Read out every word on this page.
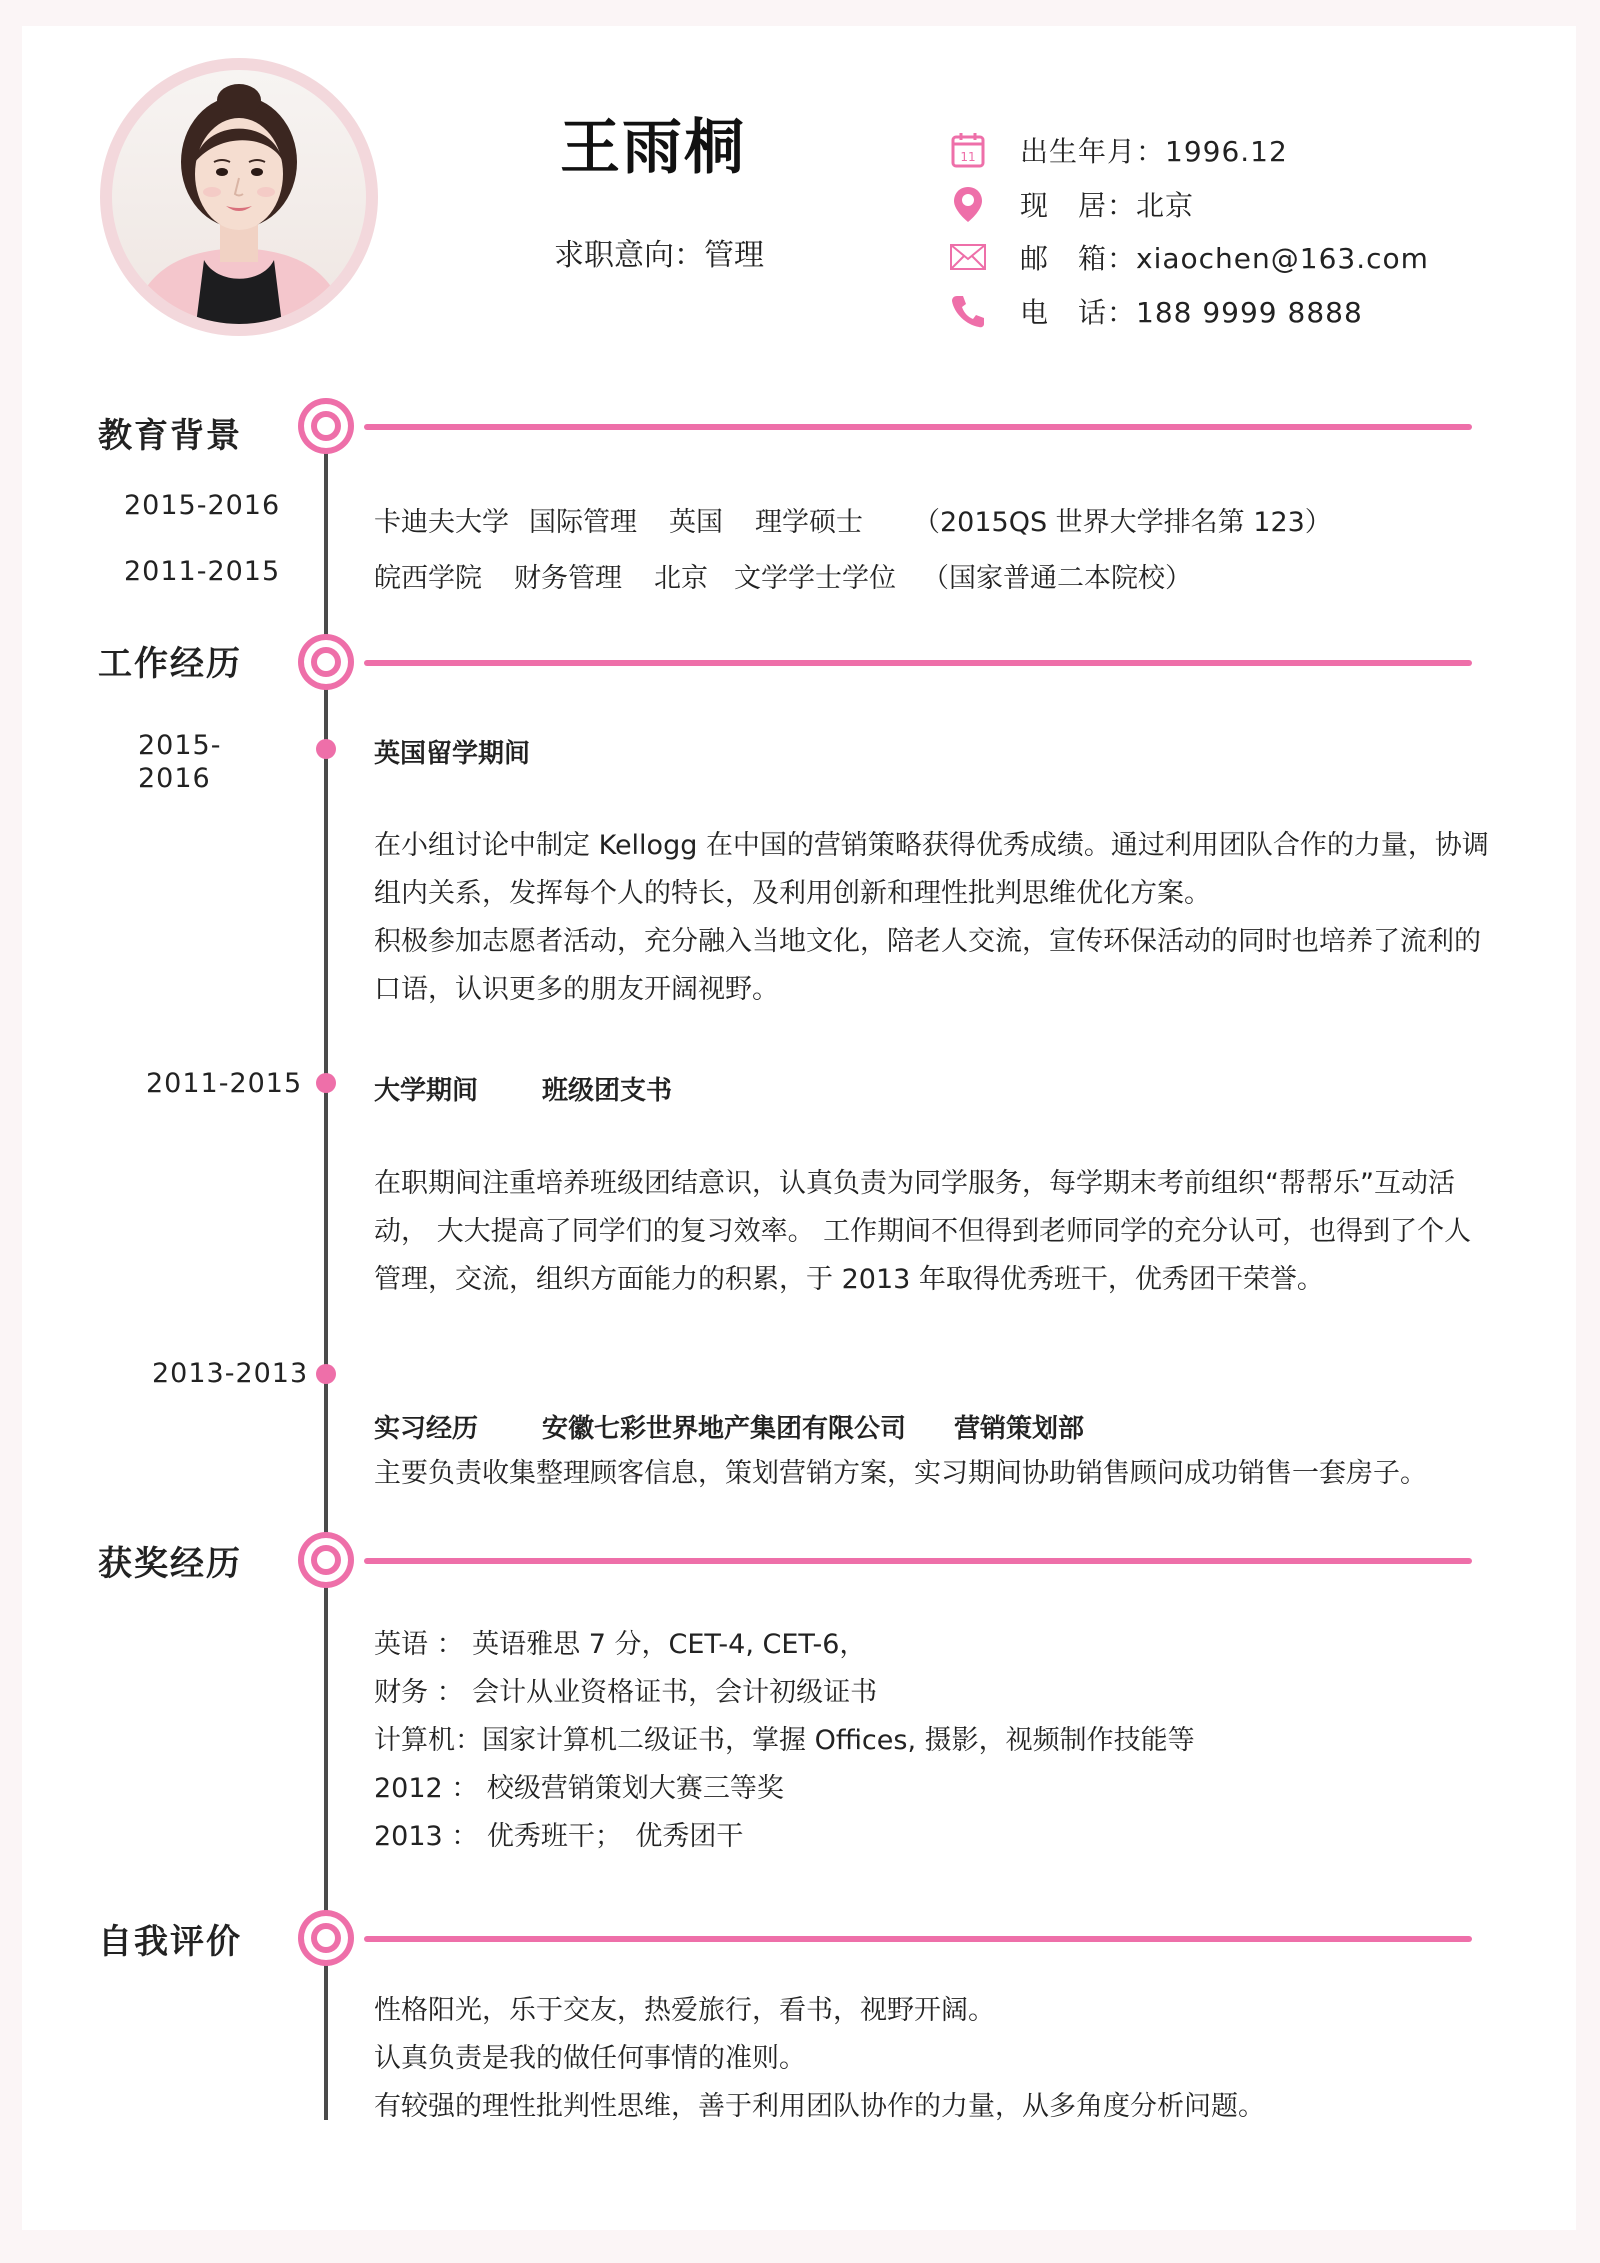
王雨桐
求职意向：管理
11 出生年月：1996.12
现　居：北京
邮　箱：xiaochen@163.com
电　话：188 9999 8888
教育背景
2015-2016
卡迪夫大学 国际管理 英国 理学硕士 （2015QS 世界大学排名第 123）
2011-2015	皖西学院 财务管理 北京 文学学士学位 （国家普通二本院校）
工作经历
2015-
2016
英国留学期间
在小组讨论中制定 Kellogg 在中国的营销策略获得优秀成绩。通过利用团队合作的力量，协调组内关系，发挥每个人的特长，及利用创新和理性批判思维优化方案。
积极参加志愿者活动，充分融入当地文化，陪老人交流，宣传环保活动的同时也培养了流利的口语，认识更多的朋友开阔视野。
2011-2015	大学期间 班级团支书
在职期间注重培养班级团结意识，认真负责为同学服务，每学期末考前组织“帮帮乐”互动活动， 大大提高了同学们的复习效率。 工作期间不但得到老师同学的充分认可，也得到了个人管理，交流，组织方面能力的积累，于 2013 年取得优秀班干，优秀团干荣誉。
2013-2013
实习经历 安徽七彩世界地产集团有限公司 营销策划部
主要负责收集整理顾客信息，策划营销方案，实习期间协助销售顾问成功销售一套房子。
获奖经历
英语 ： 英语雅思 7 分，CET-4, CET-6，
财务 ： 会计从业资格证书，会计初级证书
计算机：国家计算机二级证书，掌握 Offices, 摄影，视频制作技能等
2012 ： 校级营销策划大赛三等奖
2013 ： 优秀班干；　优秀团干
自我评价
性格阳光，乐于交友，热爱旅行，看书，视野开阔。
认真负责是我的做任何事情的准则。
有较强的理性批判性思维，善于利用团队协作的力量，从多角度分析问题。
